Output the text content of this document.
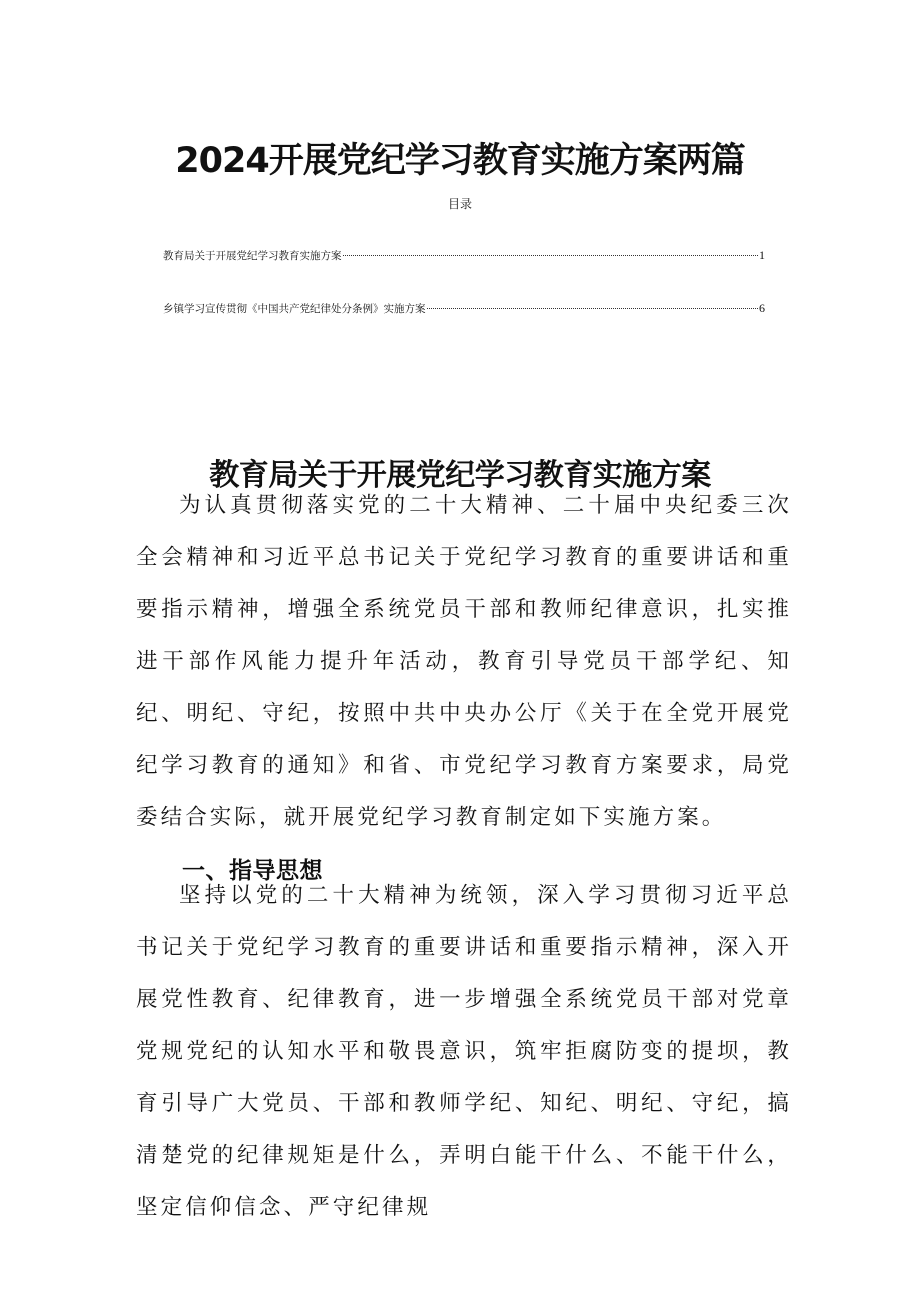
2024开展党纪学习教育实施方案两篇
目录
教育局关于开展党纪学习教育实施方案	1
乡镇学习宣传贯彻《中国共产党纪律处分条例》实施方案	6
教育局关于开展党纪学习教育实施方案

为认真贯彻落实党的二十大精神、二十届中央纪委三次全会精神和习近平总书记关于党纪学习教育的重要讲话和重要指示精神，增强全系统党员干部和教师纪律意识，扎实推进干部作风能力提升年活动，教育引导党员干部学纪、知纪、明纪、守纪，按照中共中央办公厅《关于在全党开展党纪学习教育的通知》和省、市党纪学习教育方案要求，局党委结合实际，就开展党纪学习教育制定如下实施方案。

一、指导思想

坚持以党的二十大精神为统领，深入学习贯彻习近平总书记关于党纪学习教育的重要讲话和重要指示精神，深入开展党性教育、纪律教育，进一步增强全系统党员干部对党章党规党纪的认知水平和敬畏意识，筑牢拒腐防变的提坝，教育引导广大党员、干部和教师学纪、知纪、明纪、守纪，搞清楚党的纪律规矩是什么，弄明白能干什么、不能干什么，坚定信仰信念、严守纪律规
